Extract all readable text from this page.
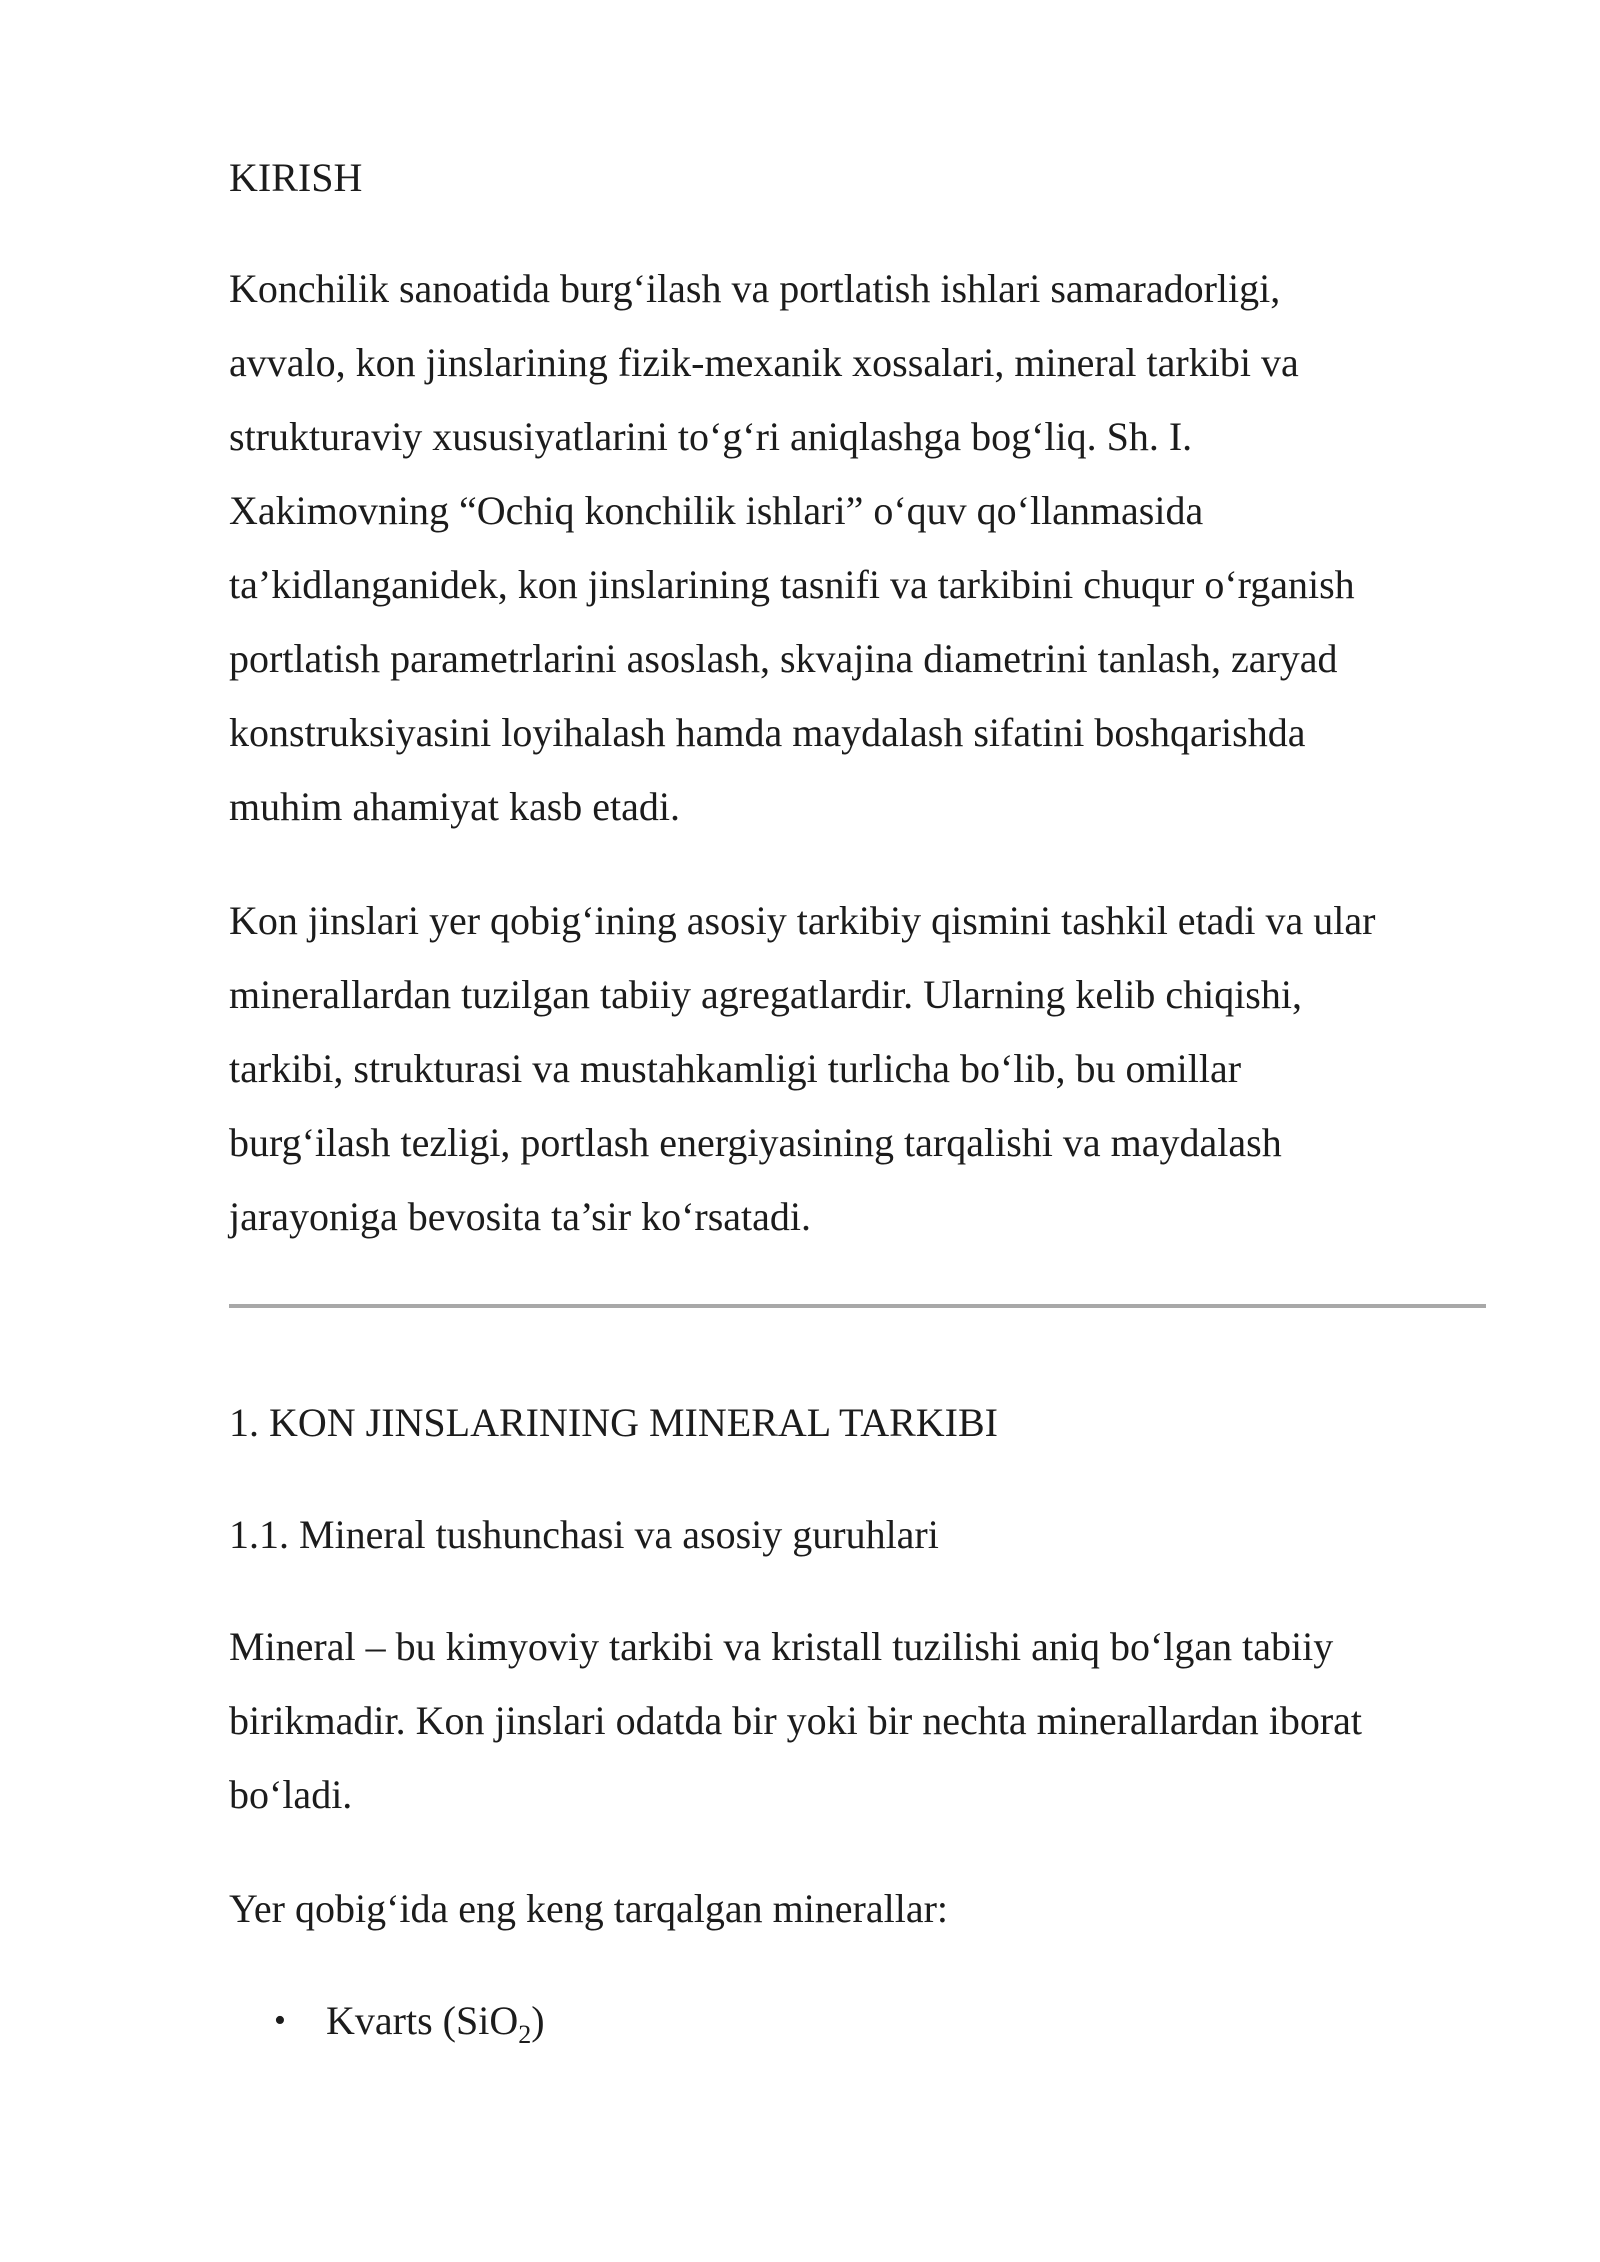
KIRISH

Konchilik sanoatida burg‘ilash va portlatish ishlari samaradorligi,

avvalo, kon jinslarining fizik-mexanik xossalari, mineral tarkibi va

strukturaviy xususiyatlarini to‘g‘ri aniqlashga bog‘liq. Sh. I.

Xakimovning “Ochiq konchilik ishlari” o‘quv qo‘llanmasida

ta’kidlanganidek, kon jinslarining tasnifi va tarkibini chuqur o‘rganish

portlatish parametrlarini asoslash, skvajina diametrini tanlash, zaryad

konstruksiyasini loyihalash hamda maydalash sifatini boshqarishda

muhim ahamiyat kasb etadi.

Kon jinslari yer qobig‘ining asosiy tarkibiy qismini tashkil etadi va ular

minerallardan tuzilgan tabiiy agregatlardir. Ularning kelib chiqishi,

tarkibi, strukturasi va mustahkamligi turlicha bo‘lib, bu omillar

burg‘ilash tezligi, portlash energiyasining tarqalishi va maydalash

jarayoniga bevosita ta’sir ko‘rsatadi.

1. KON JINSLARINING MINERAL TARKIBI

1.1. Mineral tushunchasi va asosiy guruhlari

Mineral – bu kimyoviy tarkibi va kristall tuzilishi aniq bo‘lgan tabiiy

birikmadir. Kon jinslari odatda bir yoki bir nechta minerallardan iborat

bo‘ladi.

Yer qobig‘ida eng keng tarqalgan minerallar:

• Kvarts (SiO$_2$)
